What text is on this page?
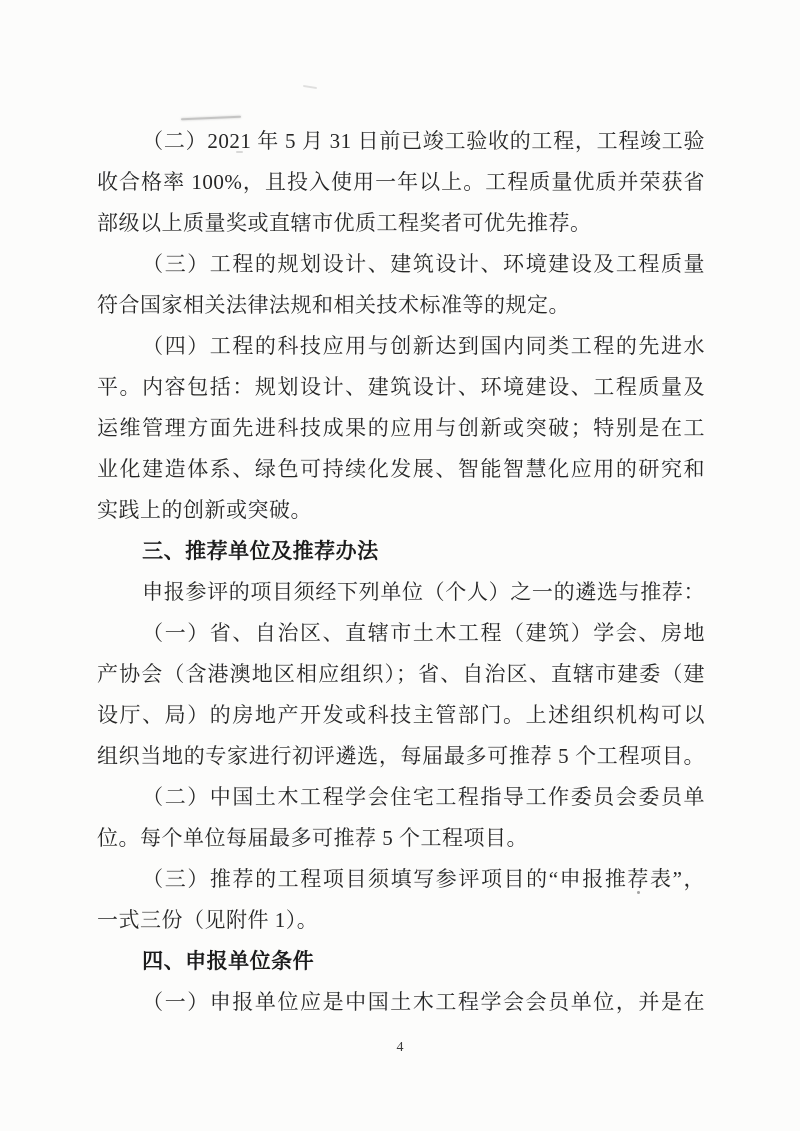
（二）2021 年 5 月 31 日前已竣工验收的工程，工程竣工验
收合格率 100%，且投入使用一年以上。工程质量优质并荣获省
部级以上质量奖或直辖市优质工程奖者可优先推荐。
（三）工程的规划设计、建筑设计、环境建设及工程质量
符合国家相关法律法规和相关技术标准等的规定。
（四）工程的科技应用与创新达到国内同类工程的先进水
平。内容包括：规划设计、建筑设计、环境建设、工程质量及
运维管理方面先进科技成果的应用与创新或突破；特别是在工
业化建造体系、绿色可持续化发展、智能智慧化应用的研究和
实践上的创新或突破。
三、推荐单位及推荐办法
申报参评的项目须经下列单位（个人）之一的遴选与推荐：
（一）省、自治区、直辖市土木工程（建筑）学会、房地
产协会（含港澳地区相应组织）；省、自治区、直辖市建委（建
设厅、局）的房地产开发或科技主管部门。上述组织机构可以
组织当地的专家进行初评遴选，每届最多可推荐 5 个工程项目。
（二）中国土木工程学会住宅工程指导工作委员会委员单
位。每个单位每届最多可推荐 5 个工程项目。
（三）推荐的工程项目须填写参评项目的“申报推荐表”，
一式三份（见附件 1）。
四、申报单位条件
（一）申报单位应是中国土木工程学会会员单位，并是在
4
